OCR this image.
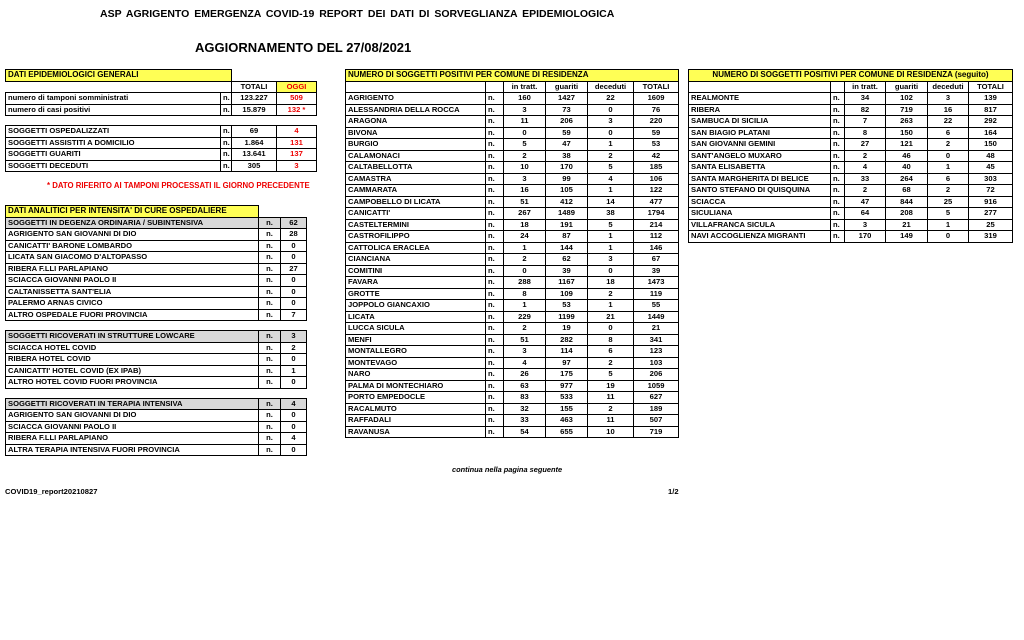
ASP AGRIGENTO EMERGENZA COVID-19 REPORT DEI DATI DI SORVEGLIANZA EPIDEMIOLOGICA
AGGIORNAMENTO DEL 27/08/2021
DATI EPIDEMIOLOGICI GENERALI			
		TOTALI	OGGI
numero di tamponi somministrati	n.	123.227	509
numero di casi positivi	n.	15.879	132 *

SOGGETTI OSPEDALIZZATI	n.	69	4
SOGGETTI ASSISTITI A DOMICILIO	n.	1.864	131
SOGGETTI GUARITI	n.	13.641	137
SOGGETTI DECEDUTI	n.	305	3
* DATO RIFERITO AI TAMPONI PROCESSATI IL GIORNO PRECEDENTE
DATI ANALITICI PER INTENSITA' DI CURE OSPEDALIERE		
SOGGETTI IN DEGENZA ORDINARIA / SUBINTENSIVA	n.	62
AGRIGENTO SAN GIOVANNI DI DIO	n.	28
CANICATTI' BARONE LOMBARDO	n.	0
LICATA SAN GIACOMO D'ALTOPASSO	n.	0
RIBERA F.LLI PARLAPIANO	n.	27
SCIACCA GIOVANNI PAOLO II	n.	0
CALTANISSETTA SANT'ELIA	n.	0
PALERMO ARNAS CIVICO	n.	0
ALTRO OSPEDALE FUORI PROVINCIA	n.	7

SOGGETTI RICOVERATI IN STRUTTURE LOWCARE	n.	3
SCIACCA HOTEL COVID	n.	2
RIBERA HOTEL COVID	n.	0
CANICATTI' HOTEL COVID (EX IPAB)	n.	1
ALTRO HOTEL COVID FUORI PROVINCIA	n.	0

SOGGETTI RICOVERATI IN TERAPIA INTENSIVA	n.	4
AGRIGENTO SAN GIOVANNI DI DIO	n.	0
SCIACCA GIOVANNI PAOLO II	n.	0
RIBERA F.LLI PARLAPIANO	n.	4
ALTRA TERAPIA INTENSIVA FUORI PROVINCIA	n.	0
NUMERO DI SOGGETTI POSITIVI PER COMUNE DI RESIDENZA					
		in tratt.	guariti	deceduti	TOTALI
AGRIGENTO	n.	160	1427	22	1609
ALESSANDRIA DELLA ROCCA	n.	3	73	0	76
ARAGONA	n.	11	206	3	220
BIVONA	n.	0	59	0	59
BURGIO	n.	5	47	1	53
CALAMONACI	n.	2	38	2	42
CALTABELLOTTA	n.	10	170	5	185
CAMASTRA	n.	3	99	4	106
CAMMARATA	n.	16	105	1	122
CAMPOBELLO DI LICATA	n.	51	412	14	477
CANICATTI'	n.	267	1489	38	1794
CASTELTERMINI	n.	18	191	5	214
CASTROFILIPPO	n.	24	87	1	112
CATTOLICA ERACLEA	n.	1	144	1	146
CIANCIANA	n.	2	62	3	67
COMITINI	n.	0	39	0	39
FAVARA	n.	288	1167	18	1473
GROTTE	n.	8	109	2	119
JOPPOLO GIANCAXIO	n.	1	53	1	55
LICATA	n.	229	1199	21	1449
LUCCA SICULA	n.	2	19	0	21
MENFI	n.	51	282	8	341
MONTALLEGRO	n.	3	114	6	123
MONTEVAGO	n.	4	97	2	103
NARO	n.	26	175	5	206
PALMA DI MONTECHIARO	n.	63	977	19	1059
PORTO EMPEDOCLE	n.	83	533	11	627
RACALMUTO	n.	32	155	2	189
RAFFADALI	n.	33	463	11	507
RAVANUSA	n.	54	655	10	719
continua nella pagina seguente
NUMERO DI SOGGETTI POSITIVI PER COMUNE DI RESIDENZA (seguito)					
		in tratt.	guariti	deceduti	TOTALI
REALMONTE	n.	34	102	3	139
RIBERA	n.	82	719	16	817
SAMBUCA DI SICILIA	n.	7	263	22	292
SAN BIAGIO PLATANI	n.	8	150	6	164
SAN GIOVANNI GEMINI	n.	27	121	2	150
SANT'ANGELO MUXARO	n.	2	46	0	48
SANTA ELISABETTA	n.	4	40	1	45
SANTA MARGHERITA DI BELICE	n.	33	264	6	303
SANTO STEFANO DI QUISQUINA	n.	2	68	2	72
SCIACCA	n.	47	844	25	916
SICULIANA	n.	64	208	5	277
VILLAFRANCA SICULA	n.	3	21	1	25
NAVI ACCOGLIENZA MIGRANTI	n.	170	149	0	319
COVID19_report20210827	1/2
